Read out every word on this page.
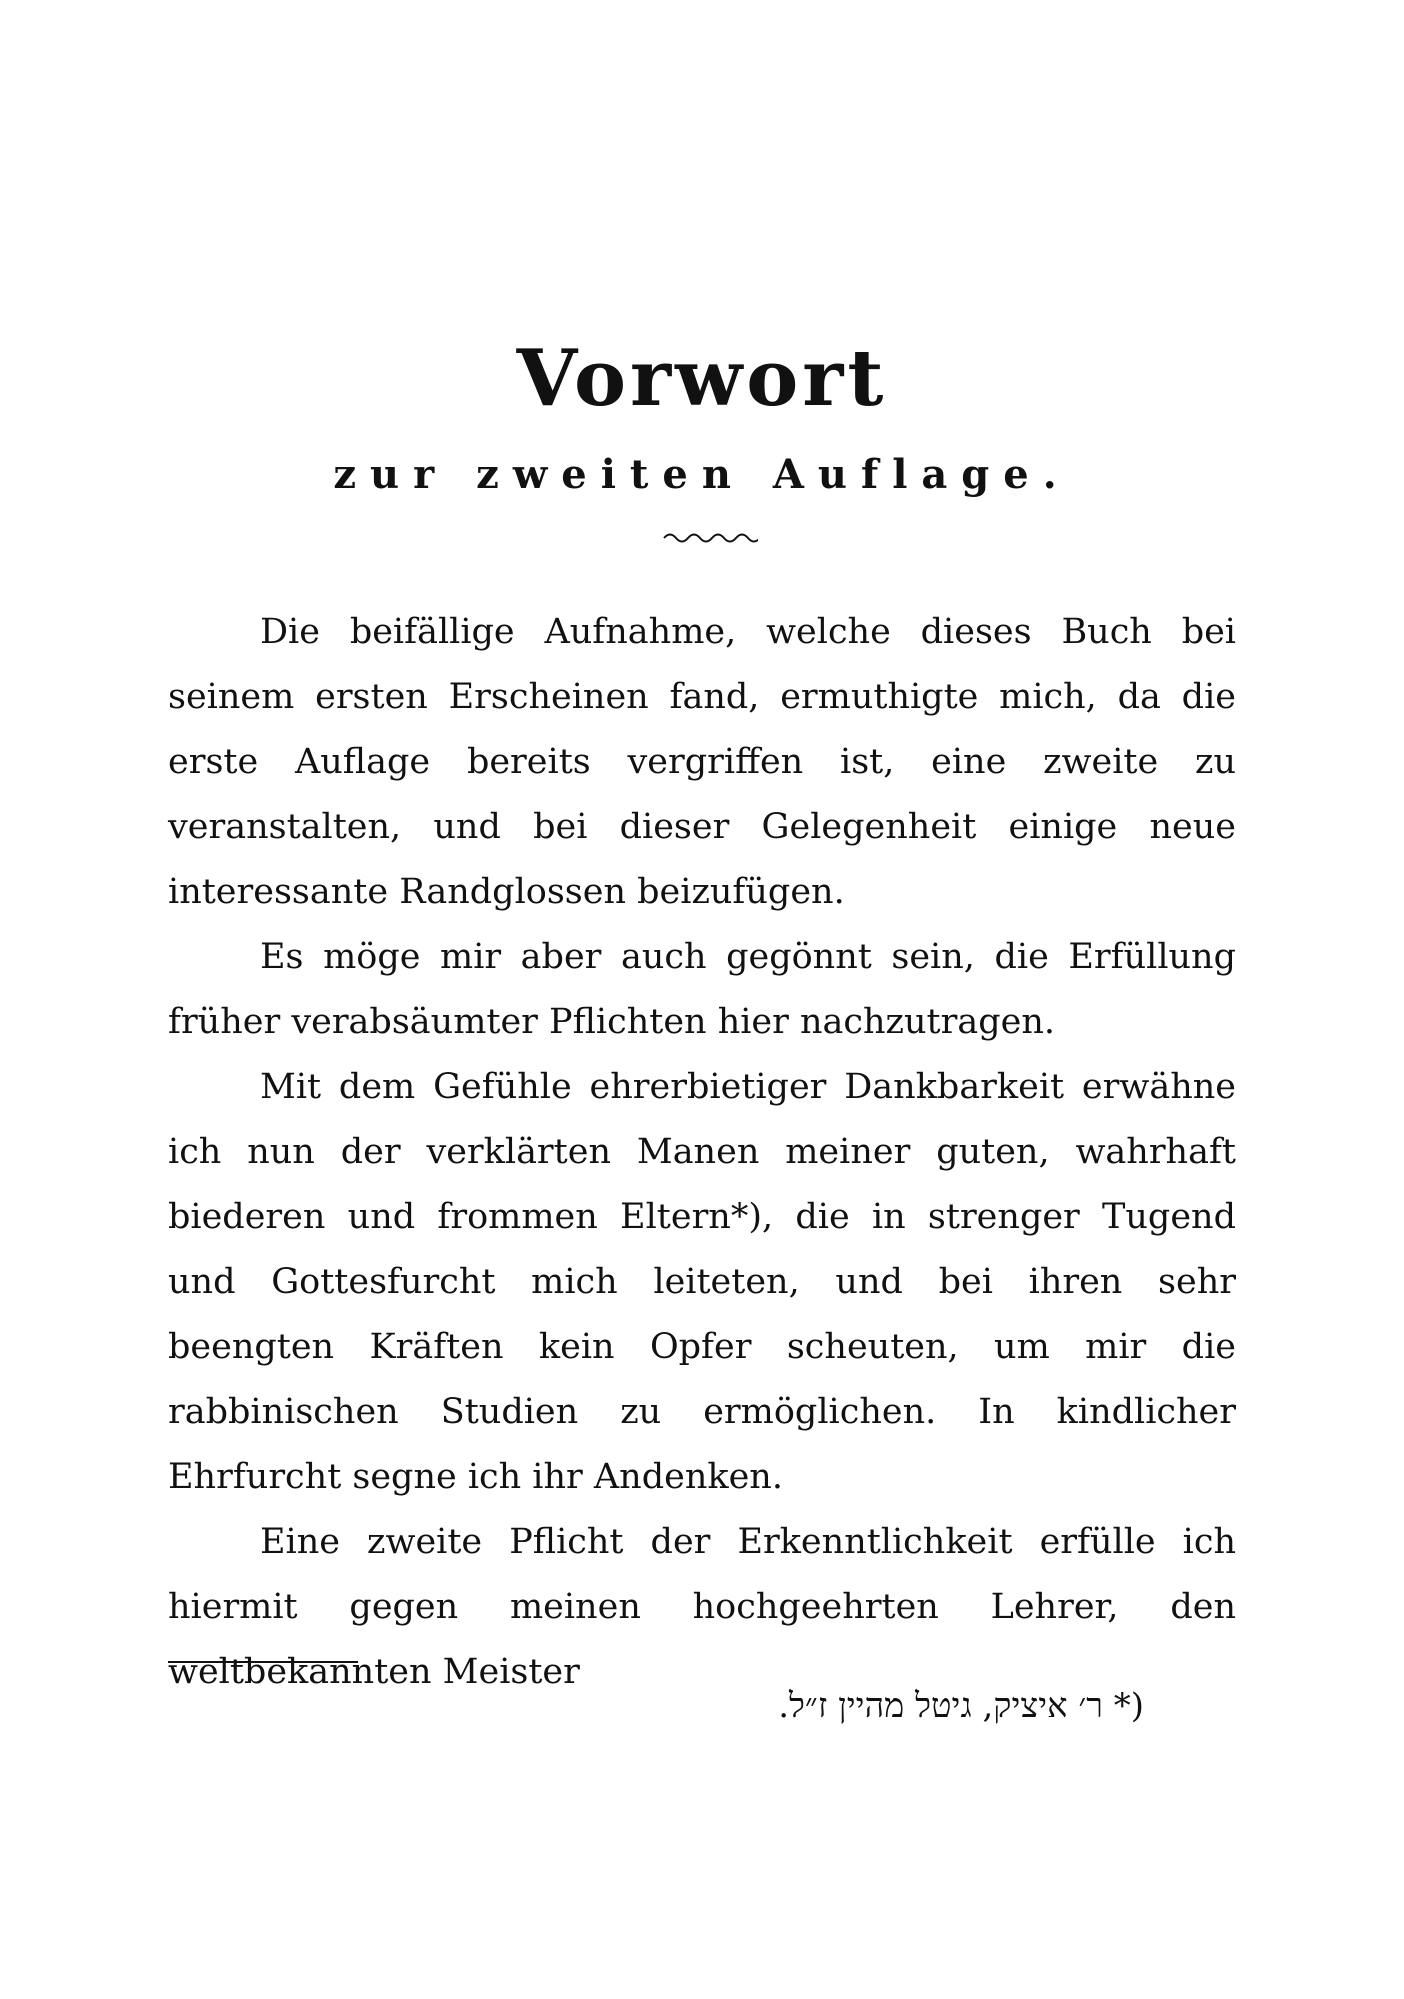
Vorwort
zur zweiten Auflage.

Die beifällige Aufnahme, welche dieses Buch bei seinem ersten Erscheinen fand, ermuthigte mich, da die erste Auflage bereits vergriffen ist, eine zweite zu veranstalten, und bei dieser Gelegenheit einige neue interessante Randglossen beizufügen.

Es möge mir aber auch gegönnt sein, die Erfüllung früher verabsäumter Pflichten hier nachzutragen.

Mit dem Gefühle ehrerbietiger Dankbarkeit erwähne ich nun der verklärten Manen meiner guten, wahrhaft biederen und frommen Eltern*), die in strenger Tugend und Gottesfurcht mich leiteten, und bei ihren sehr beengten Kräften kein Opfer scheuten, um mir die rabbinischen Studien zu ermöglichen. In kindlicher Ehrfurcht segne ich ihr Andenken.

Eine zweite Pflicht der Erkenntlichkeit erfülle ich hiermit gegen meinen hochgeehrten Lehrer, den weltbekannten Meister

ר׳ איציק, גיטל מהיין ז״ל. *)
